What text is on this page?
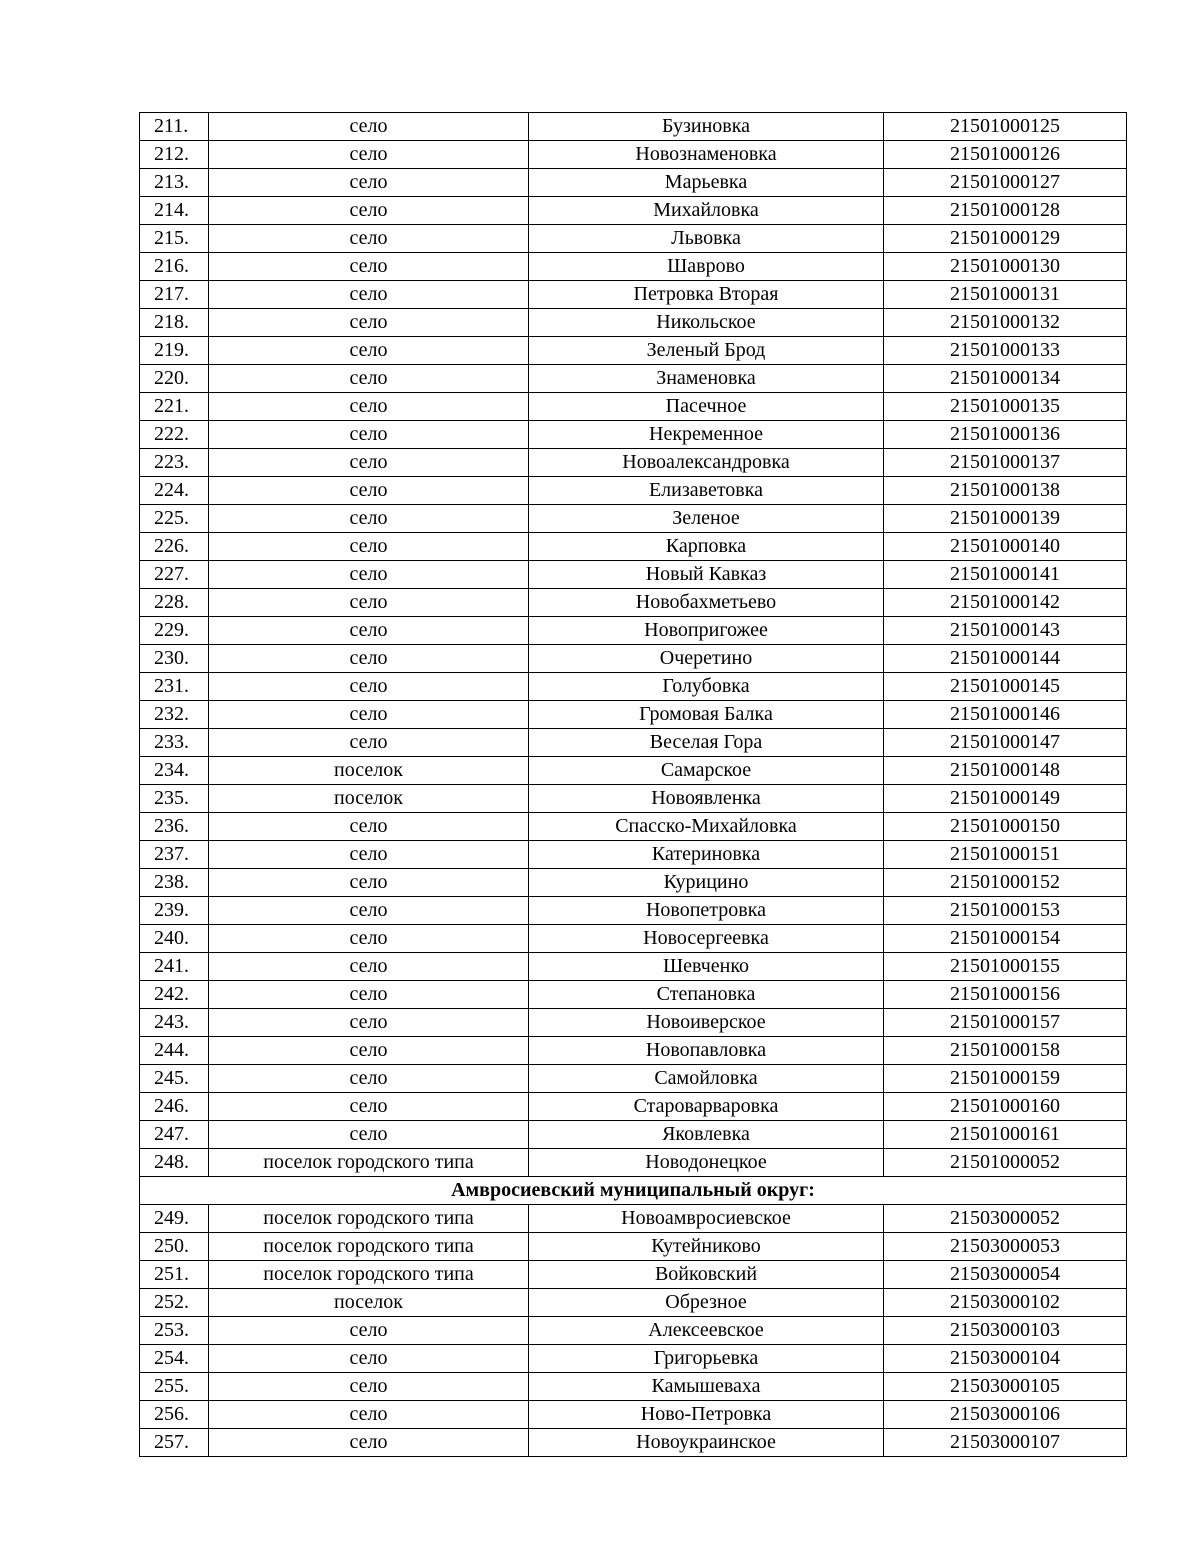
211.	село	Бузиновка	21501000125
212.	село	Новознаменовка	21501000126
213.	село	Марьевка	21501000127
214.	село	Михайловка	21501000128
215.	село	Львовка	21501000129
216.	село	Шаврово	21501000130
217.	село	Петровка Вторая	21501000131
218.	село	Никольское	21501000132
219.	село	Зеленый Брод	21501000133
220.	село	Знаменовка	21501000134
221.	село	Пасечное	21501000135
222.	село	Некременное	21501000136
223.	село	Новоалександровка	21501000137
224.	село	Елизаветовка	21501000138
225.	село	Зеленое	21501000139
226.	село	Карповка	21501000140
227.	село	Новый Кавказ	21501000141
228.	село	Новобахметьево	21501000142
229.	село	Новопригожее	21501000143
230.	село	Очеретино	21501000144
231.	село	Голубовка	21501000145
232.	село	Громовая Балка	21501000146
233.	село	Веселая Гора	21501000147
234.	поселок	Самарское	21501000148
235.	поселок	Новоявленка	21501000149
236.	село	Спасско-Михайловка	21501000150
237.	село	Катериновка	21501000151
238.	село	Курицино	21501000152
239.	село	Новопетровка	21501000153
240.	село	Новосергеевка	21501000154
241.	село	Шевченко	21501000155
242.	село	Степановка	21501000156
243.	село	Новоиверское	21501000157
244.	село	Новопавловка	21501000158
245.	село	Самойловка	21501000159
246.	село	Староварваровка	21501000160
247.	село	Яковлевка	21501000161
248.	поселок городского типа	Новодонецкое	21501000052
Амвросиевский муниципальный округ:			
249.	поселок городского типа	Новоамвросиевское	21503000052
250.	поселок городского типа	Кутейниково	21503000053
251.	поселок городского типа	Войковский	21503000054
252.	поселок	Обрезное	21503000102
253.	село	Алексеевское	21503000103
254.	село	Григорьевка	21503000104
255.	село	Камышеваха	21503000105
256.	село	Ново-Петровка	21503000106
257.	село	Новоукраинское	21503000107
